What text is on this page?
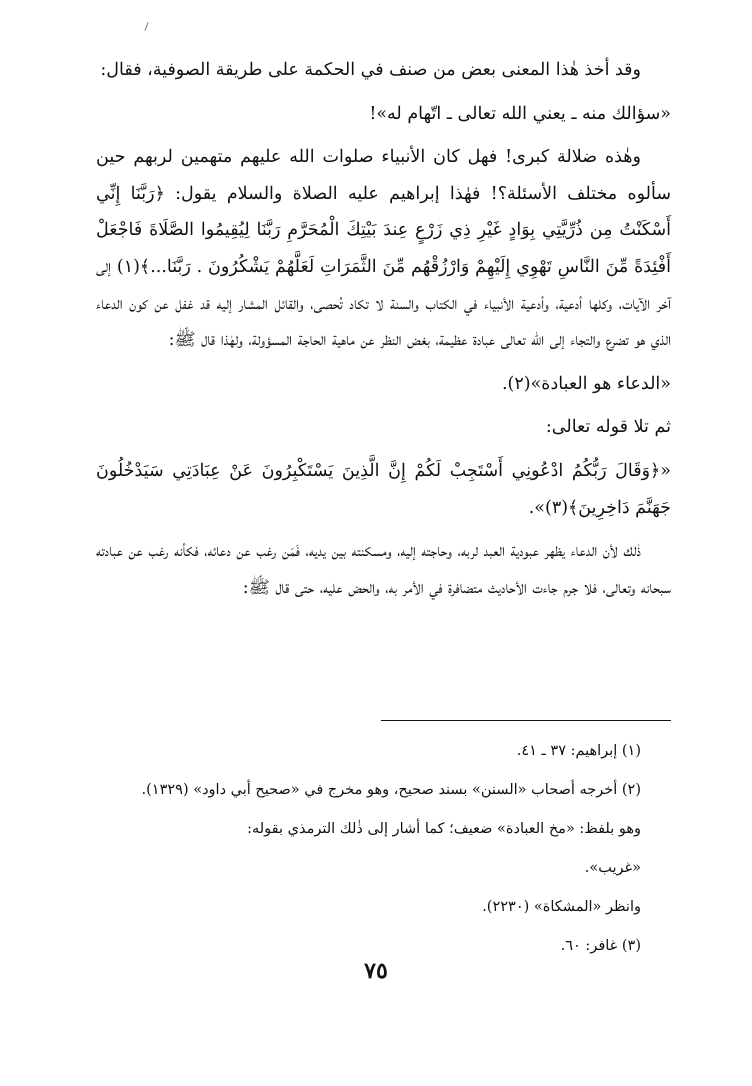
وقد أخذ هٰذا المعنى بعض من صنف في الحكمة على طريقة الصوفية، فقال:

«سؤالك منه ـ يعني الله تعالى ـ اتّهام له»!

وهٰذه ضلالة كبرى! فهل كان الأنبياء صلوات الله عليهم متهمين لربهم حين سألوه مختلف الأسئلة؟! فهٰذا إبراهيم عليه الصلاة والسلام يقول: ﴿رَبَّنَا إِنِّي أَسْكَنْتُ مِن ذُرِّيَّتِي بِوَادٍ غَيْرِ ذِي زَرْعٍ عِندَ بَيْتِكَ الْمُحَرَّمِ رَبَّنَا لِيُقِيمُوا الصَّلَاةَ فَاجْعَلْ أَفْئِدَةً مِّنَ النَّاسِ تَهْوِي إِلَيْهِمْ وَارْزُقْهُم مِّنَ الثَّمَرَاتِ لَعَلَّهُمْ يَشْكُرُونَ . رَبَّنَا...﴾(١) إلى آخر الآيات، وكلها أدعية، وأدعية الأنبياء في الكتاب والسنة لا تكاد تُحصى، والقائل المشار إليه قد غفل عن كون الدعاء الذي هو تضرع والتجاء إلى الله تعالى عبادة عظيمة، بغض النظر عن ماهية الحاجة المسؤولة، ولهٰذا قال ﷺ:

«الدعاء هو العبادة»(٢).

ثم تلا قوله تعالى:

«﴿وَقَالَ رَبُّكُمُ ادْعُونِي أَسْتَجِبْ لَكُمْ إِنَّ الَّذِينَ يَسْتَكْبِرُونَ عَنْ عِبَادَتِي سَيَدْخُلُونَ جَهَنَّمَ دَاخِرِينَ﴾(٣)».

ذٰلك لأن الدعاء يظهر عبودية العبد لربه، وحاجته إليه، ومسكنته بين يديه، فَمَن رغب عن دعائه، فكأنه رغب عن عبادته سبحانه وتعالى، فلا جرم جاءت الأحاديث متضافرة في الأمر به، والحض عليه، حتى قال ﷺ:

(١) إبراهيم: ٣٧ ـ ٤١.

(٢) أخرجه أصحاب «السنن» بسند صحيح، وهو مخرج في «صحيح أبي داود» (١٣٢٩).

وهو بلفظ: «مخ العبادة» ضعيف؛ كما أشار إلى ذٰلك الترمذي بقوله:

«غريب».

وانظر «المشكاة» (٢٢٣٠).

(٣) غافر: ٦٠.

٧٥
